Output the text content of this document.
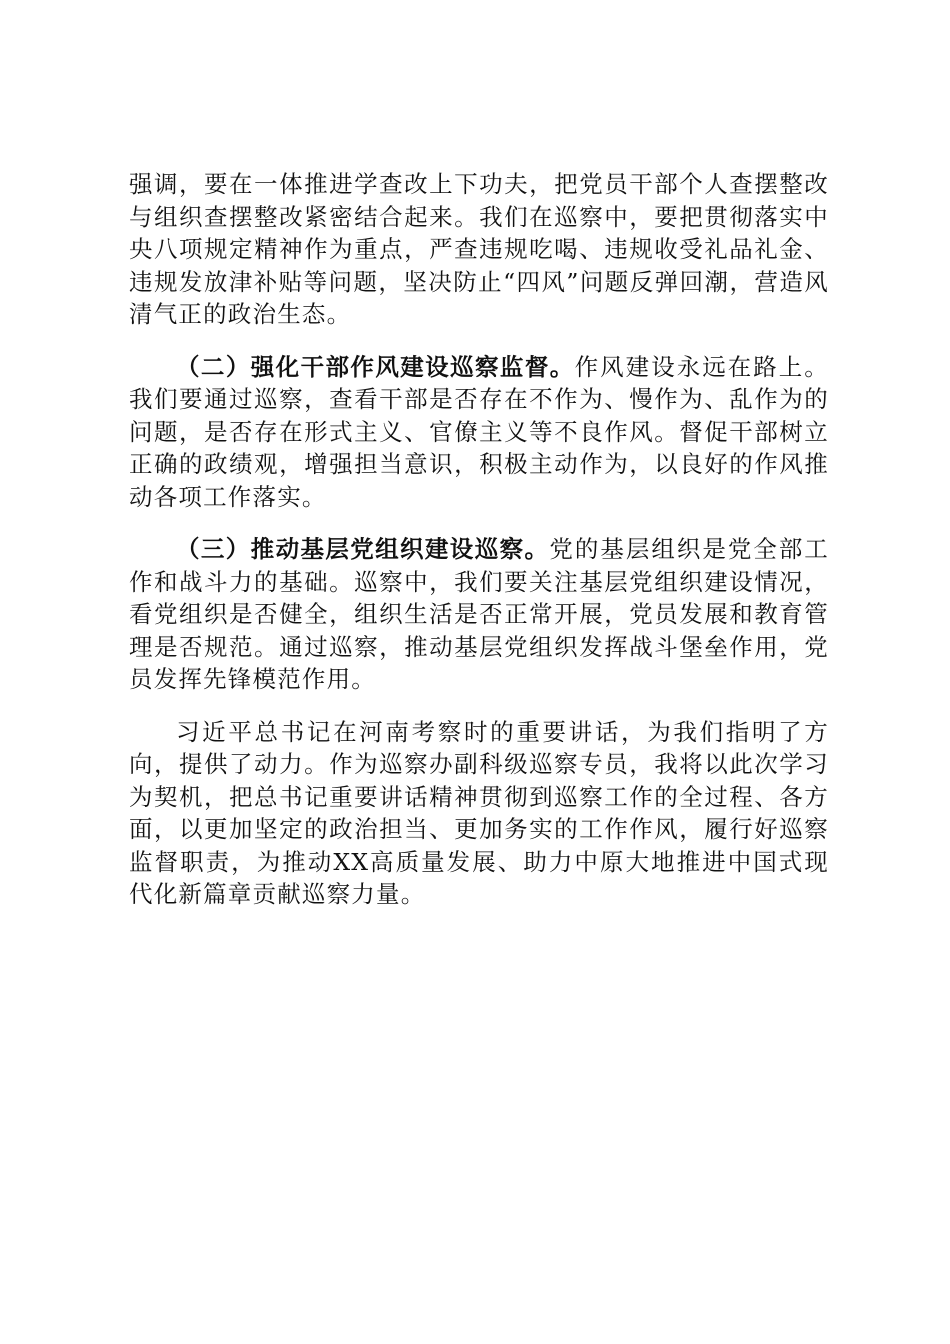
强调，要在一体推进学查改上下功夫，把党员干部个人查摆整改与组织查摆整改紧密结合起来。我们在巡察中，要把贯彻落实中央八项规定精神作为重点，严查违规吃喝、违规收受礼品礼金、违规发放津补贴等问题，坚决防止“四风”问题反弹回潮，营造风清气正的政治生态。

（二）强化干部作风建设巡察监督。作风建设永远在路上。我们要通过巡察，查看干部是否存在不作为、慢作为、乱作为的问题，是否存在形式主义、官僚主义等不良作风。督促干部树立正确的政绩观，增强担当意识，积极主动作为，以良好的作风推动各项工作落实。

（三）推动基层党组织建设巡察。党的基层组织是党全部工作和战斗力的基础。巡察中，我们要关注基层党组织建设情况，看党组织是否健全，组织生活是否正常开展，党员发展和教育管理是否规范。通过巡察，推动基层党组织发挥战斗堡垒作用，党员发挥先锋模范作用。

习近平总书记在河南考察时的重要讲话，为我们指明了方向，提供了动力。作为巡察办副科级巡察专员，我将以此次学习为契机，把总书记重要讲话精神贯彻到巡察工作的全过程、各方面，以更加坚定的政治担当、更加务实的工作作风，履行好巡察监督职责，为推动XX高质量发展、助力中原大地推进中国式现代化新篇章贡献巡察力量。
